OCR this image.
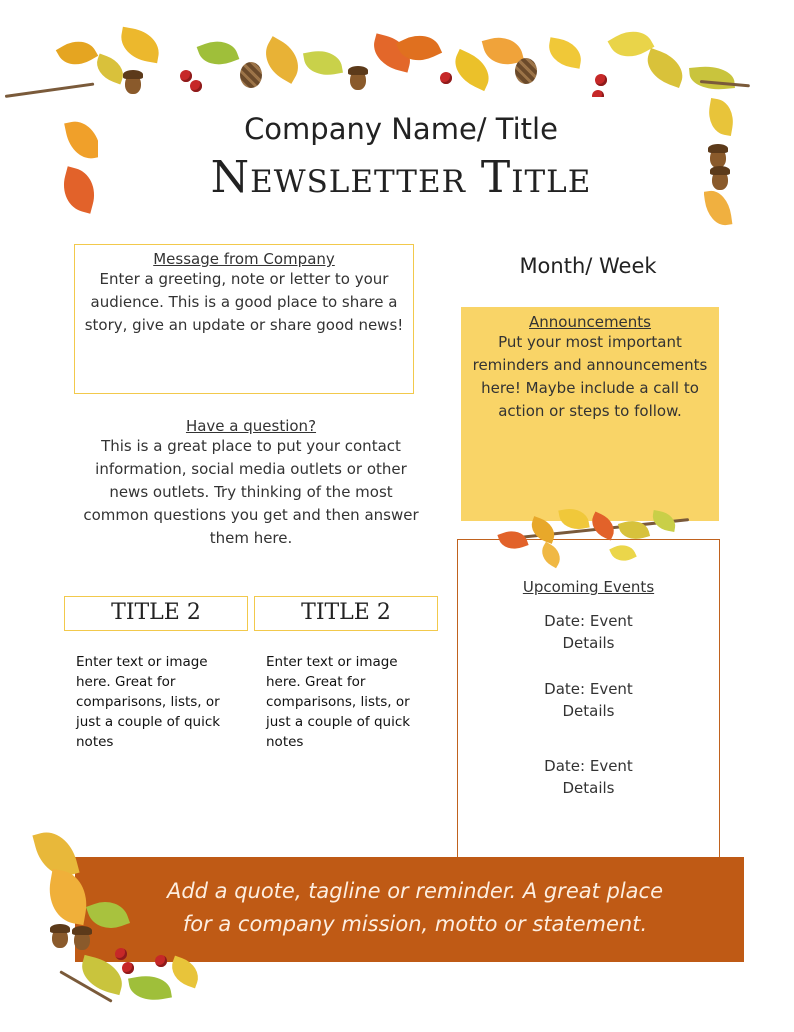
Company Name/ Title
Newsletter Title
Message from Company
Enter a greeting, note or letter to your audience. This is a good place to share a story, give an update or share good news!
Month/ Week
Announcements
Put your most important reminders and announcements here! Maybe include a call to action or steps to follow.
Have a question?
This is a great place to put your contact information, social media outlets or other news outlets. Try thinking of the most common questions you get and then answer them here.
TITLE 2	TITLE 2
Enter text or image here. Great for comparisons, lists, or just a couple of quick notes
Enter text or image here. Great for comparisons, lists, or just a couple of quick notes
Upcoming Events
Date: Event
Details
Date: Event
Details
Date: Event
Details
Add a quote, tagline or reminder. A great place for a company mission, motto or statement.
